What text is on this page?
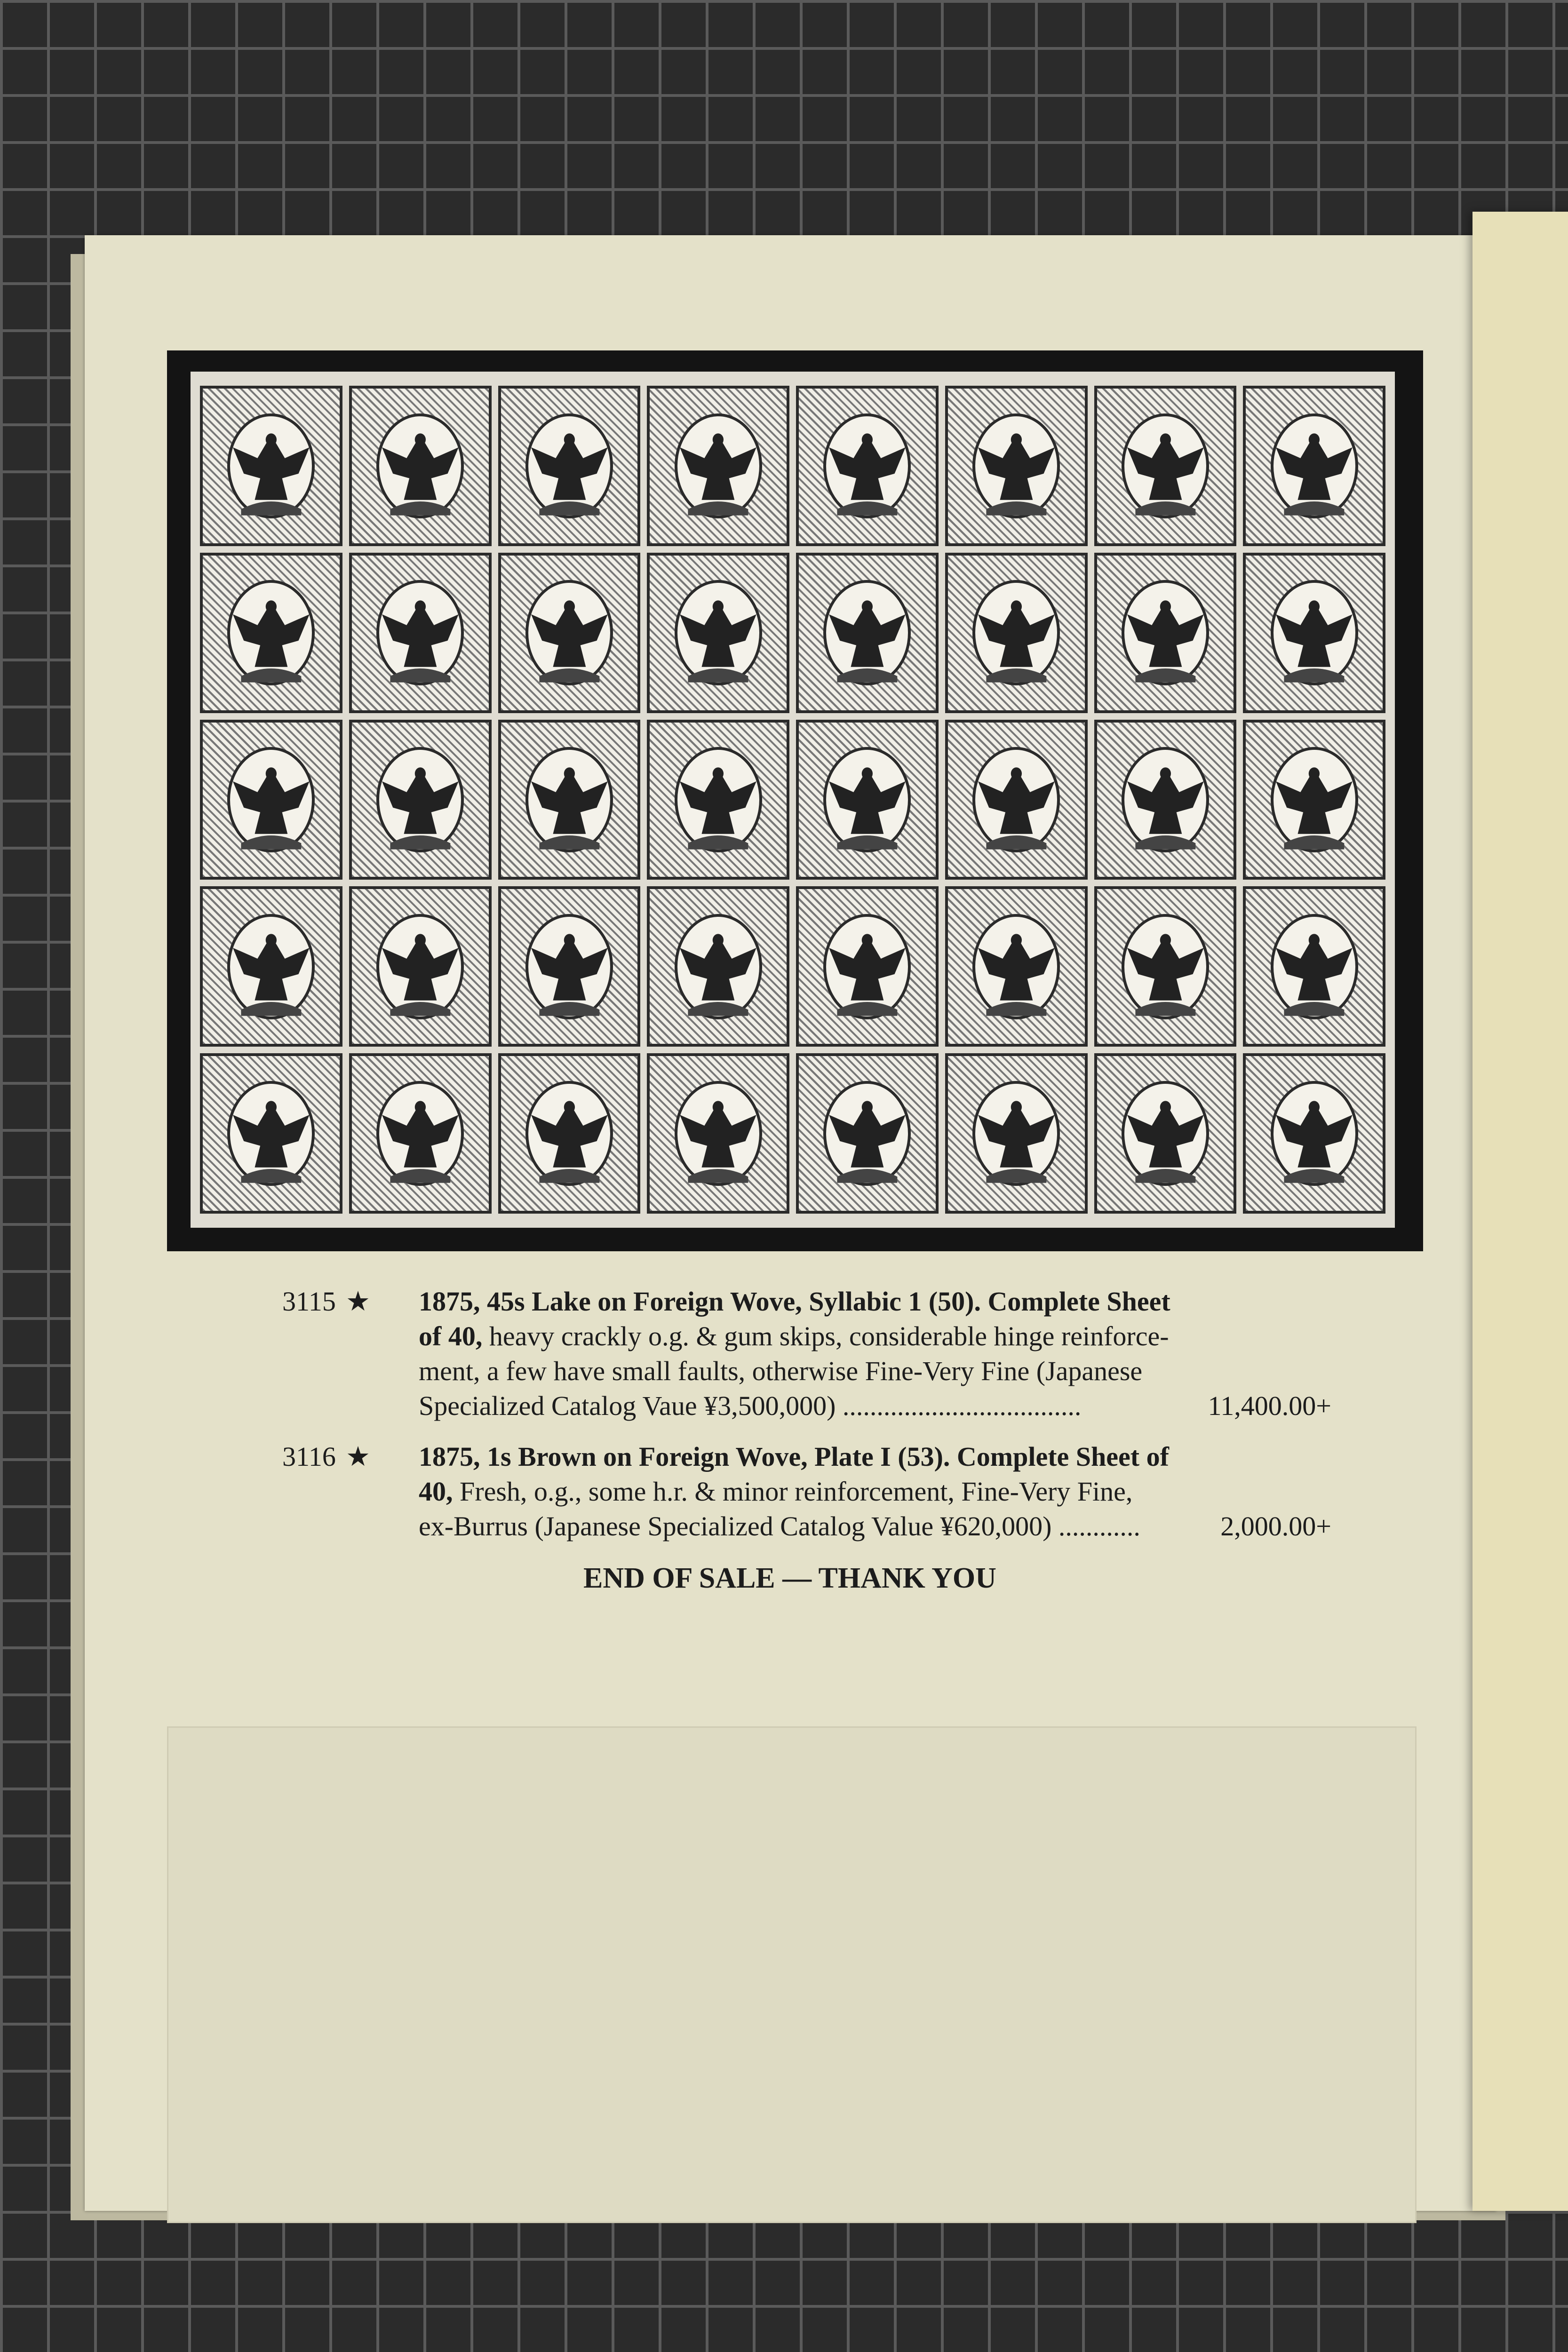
3115 ★ 1875, 45s Lake on Foreign Wove, Syllabic 1 (50). Complete Sheet
of 40, heavy crackly o.g. & gum skips, considerable hinge reinforce-
ment, a few have small faults, otherwise Fine-Very Fine (Japanese
Specialized Catalog Vaue ¥3,500,000) ...................................	11,400.00+
3116 ★ 1875, 1s Brown on Foreign Wove, Plate I (53). Complete Sheet of
40, Fresh, o.g., some h.r. & minor reinforcement, Fine-Very Fine,
ex-Burrus (Japanese Specialized Catalog Value ¥620,000) ............	2,000.00+
END OF SALE — THANK YOU
